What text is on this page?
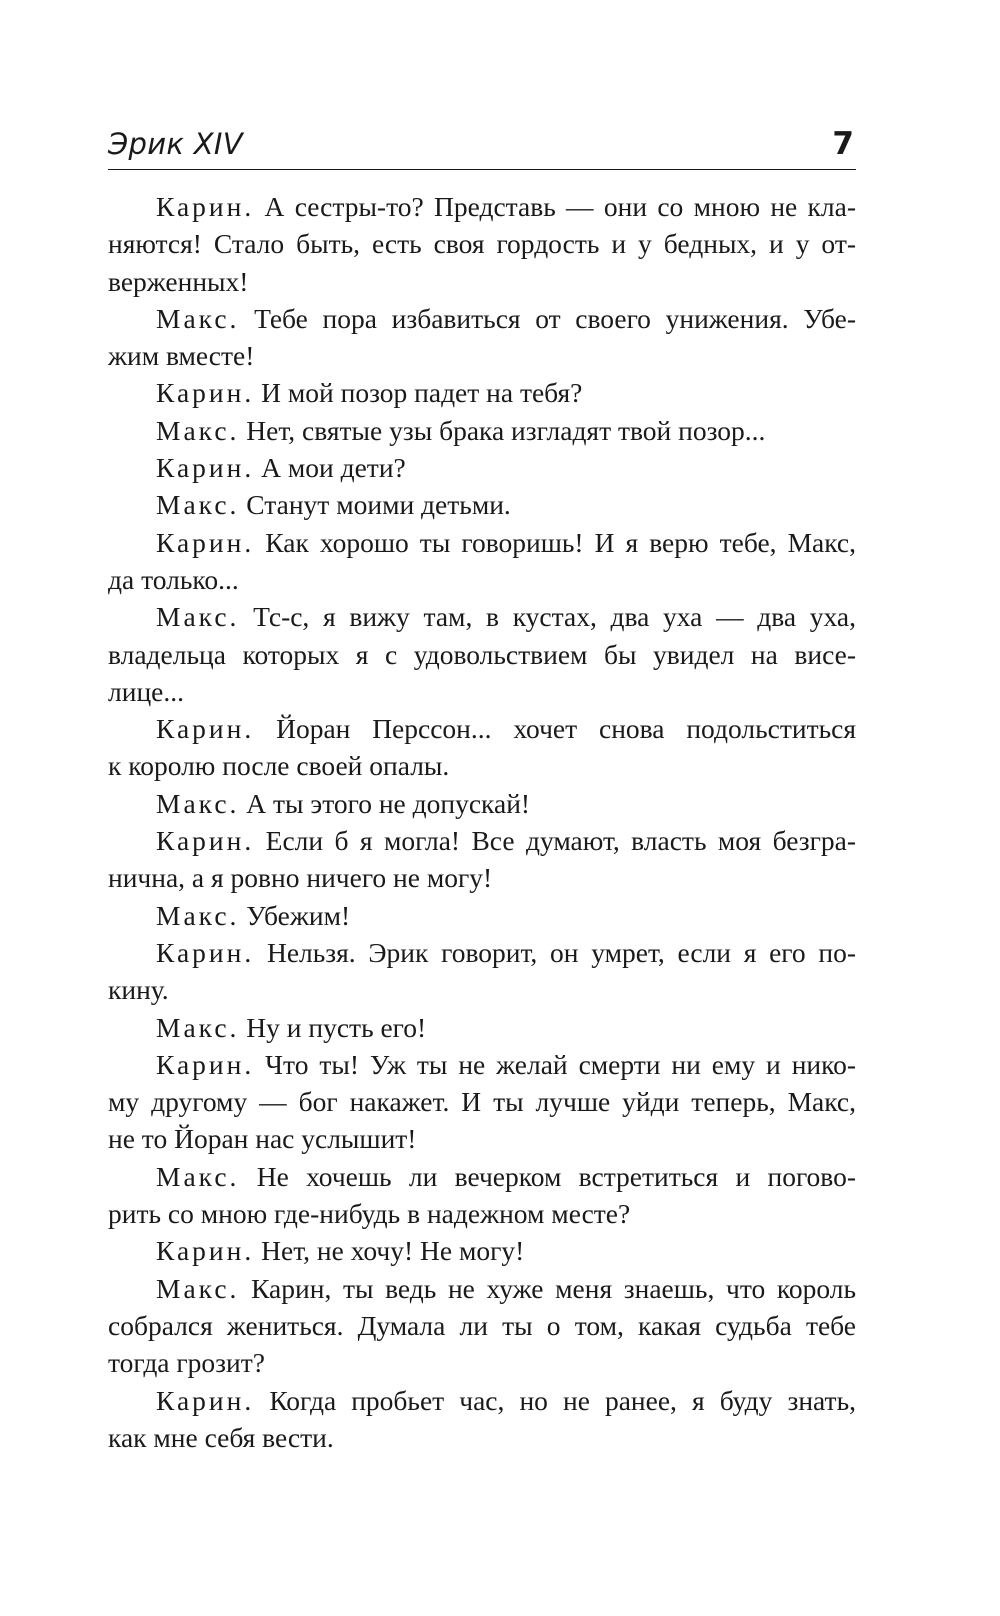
Эрик XIV	7
Карин. А сестры-то? Представь — они со мною не кла-
няются! Стало быть, есть своя гордость и у бедных, и у от-
верженных!
Макс. Тебе пора избавиться от своего унижения. Убе-
жим вместе!
Карин. И мой позор падет на тебя?
Макс. Нет, святые узы брака изгладят твой позор...
Карин. А мои дети?
Макс. Станут моими детьми.
Карин. Как хорошо ты говоришь! И я верю тебе, Макс,
да только...
Макс. Тс-с, я вижу там, в кустах, два уха — два уха,
владельца которых я с удовольствием бы увидел на висе-
лице...
Карин. Йоран Перссон... хочет снова подольститься
к королю после своей опалы.
Макс. А ты этого не допускай!
Карин. Если б я могла! Все думают, власть моя безгра-
нична, а я ровно ничего не могу!
Макс. Убежим!
Карин. Нельзя. Эрик говорит, он умрет, если я его по-
кину.
Макс. Ну и пусть его!
Карин. Что ты! Уж ты не желай смерти ни ему и нико-
му другому — бог накажет. И ты лучше уйди теперь, Макс,
не то Йоран нас услышит!
Макс. Не хочешь ли вечерком встретиться и погово-
рить со мною где-нибудь в надежном месте?
Карин. Нет, не хочу! Не могу!
Макс. Карин, ты ведь не хуже меня знаешь, что король
собрался жениться. Думала ли ты о том, какая судьба тебе
тогда грозит?
Карин. Когда пробьет час, но не ранее, я буду знать,
как мне себя вести.
